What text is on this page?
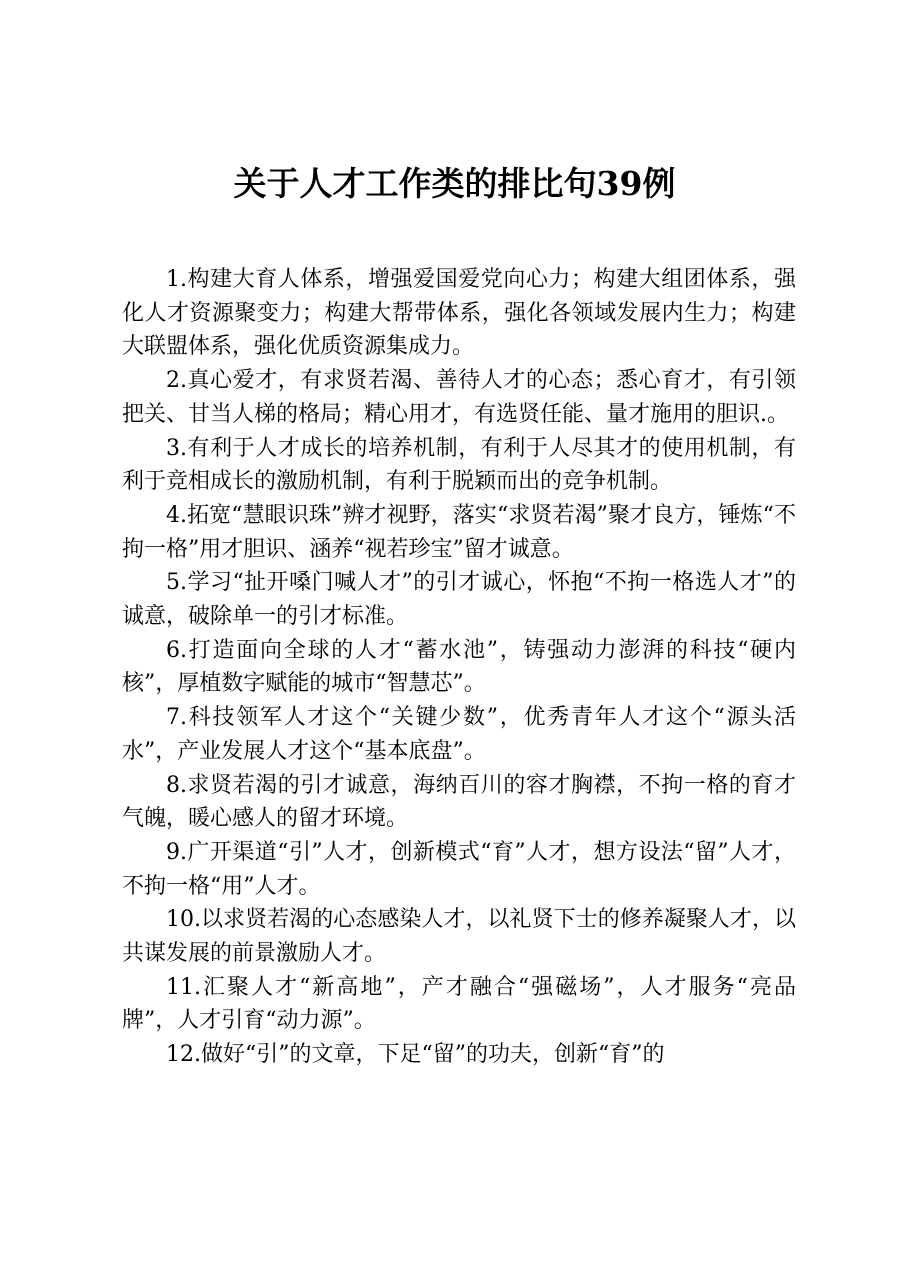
关于人才工作类的排比句39例

1.构建大育人体系，增强爱国爱党向心力；构建大组团体系，强化人才资源聚变力；构建大帮带体系，强化各领域发展内生力；构建大联盟体系，强化优质资源集成力。

2.真心爱才，有求贤若渴、善待人才的心态；悉心育才，有引领把关、甘当人梯的格局；精心用才，有选贤任能、量才施用的胆识.。

3.有利于人才成长的培养机制，有利于人尽其才的使用机制，有利于竞相成长的激励机制，有利于脱颖而出的竞争机制。

4.拓宽“慧眼识珠”辨才视野，落实“求贤若渴”聚才良方，锤炼“不拘一格”用才胆识、涵养“视若珍宝”留才诚意。

5.学习“扯开嗓门喊人才”的引才诚心，怀抱“不拘一格选人才”的诚意，破除单一的引才标准。

6.打造面向全球的人才“蓄水池”，铸强动力澎湃的科技“硬内核”，厚植数字赋能的城市“智慧芯”。

7.科技领军人才这个“关键少数”，优秀青年人才这个“源头活水”，产业发展人才这个“基本底盘”。

8.求贤若渴的引才诚意，海纳百川的容才胸襟，不拘一格的育才气魄，暖心感人的留才环境。

9.广开渠道“引”人才，创新模式“育”人才，想方设法“留”人才，不拘一格“用”人才。

10.以求贤若渴的心态感染人才，以礼贤下士的修养凝聚人才，以共谋发展的前景激励人才。

11.汇聚人才“新高地”，产才融合“强磁场”，人才服务“亮品牌”，人才引育“动力源”。

12.做好“引”的文章，下足“留”的功夫，创新“育”的
